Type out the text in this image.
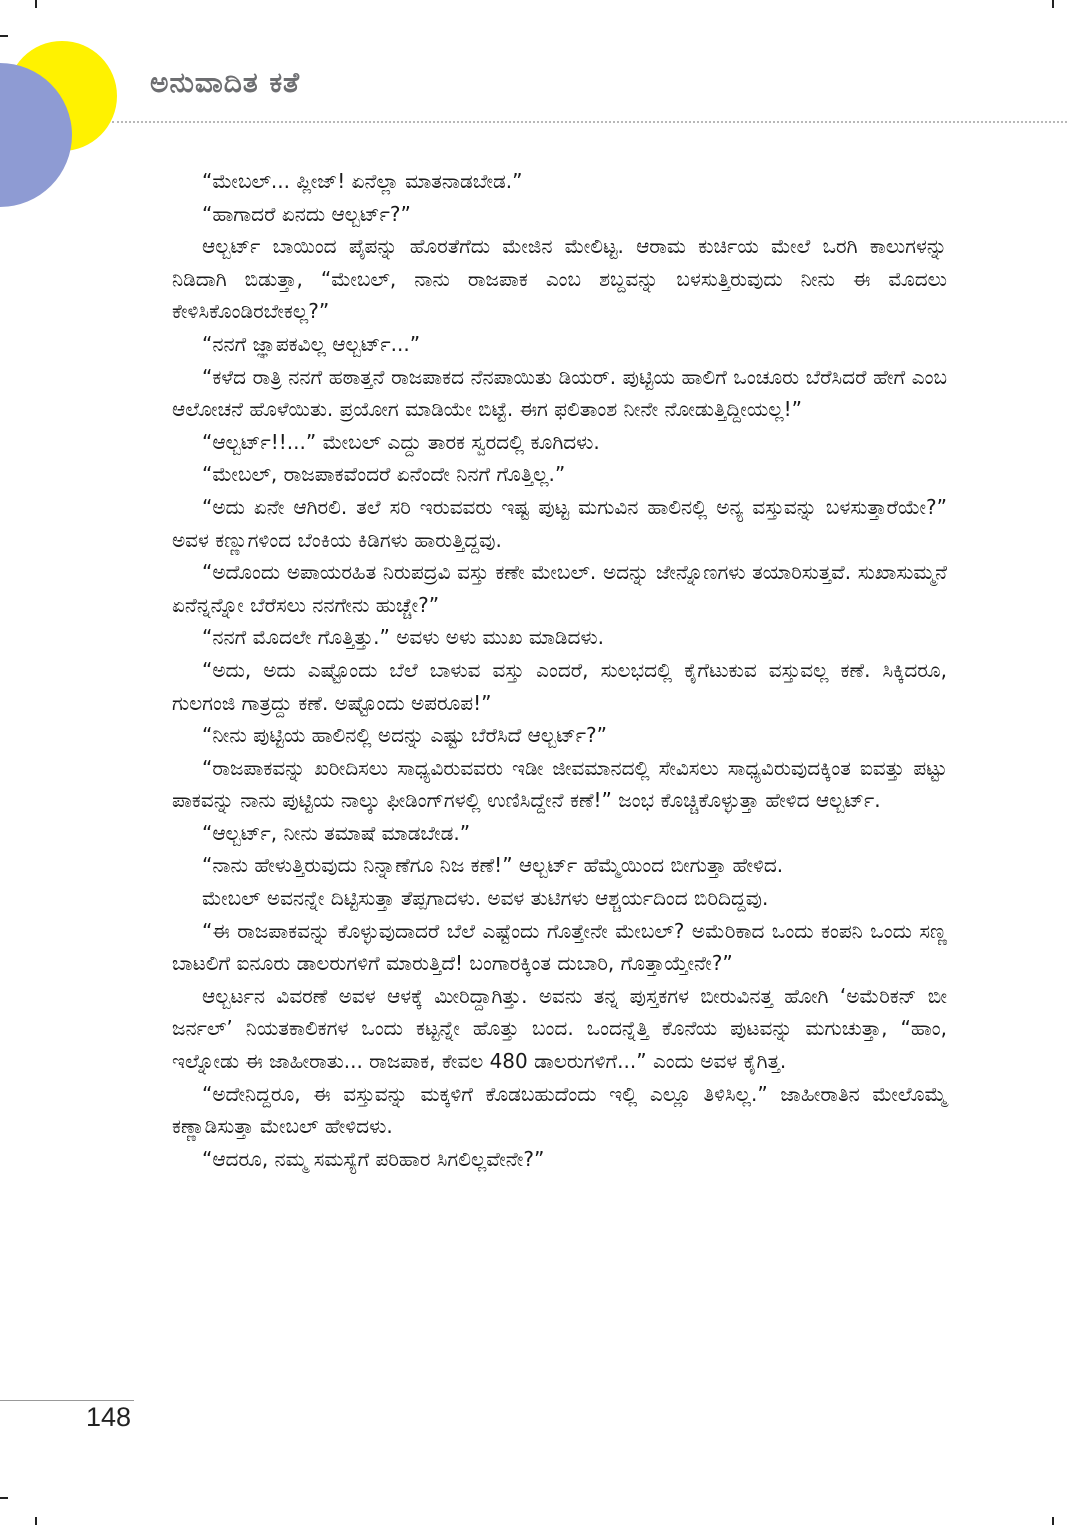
ಅನುವಾದಿತ ಕತೆ

“ಮೇಬಲ್... ಪ್ಲೀಜ್! ಏನೆಲ್ಲಾ ಮಾತನಾಡಬೇಡ.”

“ಹಾಗಾದರೆ ಏನದು ಆಲ್ಬರ್ಟ್?”

ಆಲ್ಬರ್ಟ್ ಬಾಯಿಂದ ಪೈಪನ್ನು ಹೊರತೆಗೆದು ಮೇಜಿನ ಮೇಲಿಟ್ಟ. ಆರಾಮ ಕುರ್ಚಿಯ ಮೇಲೆ ಒರಗಿ ಕಾಲುಗಳನ್ನು ನಿಡಿದಾಗಿ ಬಿಡುತ್ತಾ, “ಮೇಬಲ್, ನಾನು ರಾಜಪಾಕ ಎಂಬ ಶಬ್ದವನ್ನು ಬಳಸುತ್ತಿರುವುದು ನೀನು ಈ ಮೊದಲು ಕೇಳಿಸಿಕೊಂಡಿರಬೇಕಲ್ಲ?”

“ನನಗೆ ಜ್ಞಾಪಕವಿಲ್ಲ ಆಲ್ಬರ್ಟ್...”

“ಕಳೆದ ರಾತ್ರಿ ನನಗೆ ಹಠಾತ್ತನೆ ರಾಜಪಾಕದ ನೆನಪಾಯಿತು ಡಿಯರ್. ಪುಟ್ಟಿಯ ಹಾಲಿಗೆ ಒಂಚೂರು ಬೆರೆಸಿದರೆ ಹೇಗೆ ಎಂಬ ಆಲೋಚನೆ ಹೊಳೆಯಿತು. ಪ್ರಯೋಗ ಮಾಡಿಯೇ ಬಿಟ್ಟೆ. ಈಗ ಫಲಿತಾಂಶ ನೀನೇ ನೋಡುತ್ತಿದ್ದೀಯಲ್ಲ!”

“ಆಲ್ಬರ್ಟ್!!...” ಮೇಬಲ್ ಎದ್ದು ತಾರಕ ಸ್ವರದಲ್ಲಿ ಕೂಗಿದಳು.

“ಮೇಬಲ್, ರಾಜಪಾಕವೆಂದರೆ ಏನೆಂದೇ ನಿನಗೆ ಗೊತ್ತಿಲ್ಲ.”

“ಅದು ಏನೇ ಆಗಿರಲಿ. ತಲೆ ಸರಿ ಇರುವವರು ಇಷ್ಟ ಪುಟ್ಟ ಮಗುವಿನ ಹಾಲಿನಲ್ಲಿ ಅನ್ಯ ವಸ್ತುವನ್ನು ಬಳಸುತ್ತಾರೆಯೇ?” ಅವಳ ಕಣ್ಣುಗಳಿಂದ ಬೆಂಕಿಯ ಕಿಡಿಗಳು ಹಾರುತ್ತಿದ್ದವು.

“ಅದೊಂದು ಅಪಾಯರಹಿತ ನಿರುಪದ್ರವಿ ವಸ್ತು ಕಣೇ ಮೇಬಲ್. ಅದನ್ನು ಜೇನ್ನೊಣಗಳು ತಯಾರಿಸುತ್ತವೆ. ಸುಖಾಸುಮ್ಮನೆ ಏನೆನ್ನನ್ನೋ ಬೆರೆಸಲು ನನಗೇನು ಹುಚ್ಚೇ?”

“ನನಗೆ ಮೊದಲೇ ಗೊತ್ತಿತ್ತು.” ಅವಳು ಅಳು ಮುಖ ಮಾಡಿದಳು.

“ಅದು, ಅದು ಎಷ್ಟೊಂದು ಬೆಲೆ ಬಾಳುವ ವಸ್ತು ಎಂದರೆ, ಸುಲಭದಲ್ಲಿ ಕೈಗೆಟುಕುವ ವಸ್ತುವಲ್ಲ ಕಣೆ. ಸಿಕ್ಕಿದರೂ, ಗುಲಗಂಜಿ ಗಾತ್ರದ್ದು ಕಣೆ. ಅಷ್ಟೊಂದು ಅಪರೂಪ!”

“ನೀನು ಪುಟ್ಟಿಯ ಹಾಲಿನಲ್ಲಿ ಅದನ್ನು ಎಷ್ಟು ಬೆರೆಸಿದೆ ಆಲ್ಬರ್ಟ್?”

“ರಾಜಪಾಕವನ್ನು ಖರೀದಿಸಲು ಸಾಧ್ಯವಿರುವವರು ಇಡೀ ಜೀವಮಾನದಲ್ಲಿ ಸೇವಿಸಲು ಸಾಧ್ಯವಿರುವುದಕ್ಕಿಂತ ಐವತ್ತು ಪಟ್ಟು ಪಾಕವನ್ನು ನಾನು ಪುಟ್ಟಿಯ ನಾಲ್ಕು ಫೀಡಿಂಗ್‌ಗಳಲ್ಲಿ ಉಣಿಸಿದ್ದೇನೆ ಕಣೆ!” ಜಂಭ ಕೊಚ್ಚಿಕೊಳ್ಳುತ್ತಾ ಹೇಳಿದ ಆಲ್ಬರ್ಟ್.

“ಆಲ್ಬರ್ಟ್, ನೀನು ತಮಾಷೆ ಮಾಡಬೇಡ.”

“ನಾನು ಹೇಳುತ್ತಿರುವುದು ನಿನ್ನಾಣೆಗೂ ನಿಜ ಕಣೆ!” ಆಲ್ಬರ್ಟ್ ಹೆಮ್ಮೆಯಿಂದ ಬೀಗುತ್ತಾ ಹೇಳಿದ.

ಮೇಬಲ್ ಅವನನ್ನೇ ದಿಟ್ಟಿಸುತ್ತಾ ತೆಪ್ಪಗಾದಳು. ಅವಳ ತುಟಿಗಳು ಆಶ್ಚರ್ಯದಿಂದ ಬಿರಿದಿದ್ದವು.

“ಈ ರಾಜಪಾಕವನ್ನು ಕೊಳ್ಳುವುದಾದರೆ ಬೆಲೆ ಎಷ್ಟೆಂದು ಗೊತ್ತೇನೇ ಮೇಬಲ್? ಅಮೆರಿಕಾದ ಒಂದು ಕಂಪನಿ ಒಂದು ಸಣ್ಣ ಬಾಟಲಿಗೆ ಐನೂರು ಡಾಲರುಗಳಿಗೆ ಮಾರುತ್ತಿದೆ! ಬಂಗಾರಕ್ಕಿಂತ ದುಬಾರಿ, ಗೊತ್ತಾಯ್ತೇನೇ?”

ಆಲ್ಬರ್ಟನ ವಿವರಣೆ ಅವಳ ಆಳಕ್ಕೆ ಮೀರಿದ್ದಾಗಿತ್ತು. ಅವನು ತನ್ನ ಪುಸ್ತಕಗಳ ಬೀರುವಿನತ್ತ ಹೋಗಿ ‘ಅಮೆರಿಕನ್ ಬೀ ಜರ್ನಲ್’ ನಿಯತಕಾಲಿಕಗಳ ಒಂದು ಕಟ್ಟನ್ನೇ ಹೊತ್ತು ಬಂದ. ಒಂದನ್ನೆತ್ತಿ ಕೊನೆಯ ಪುಟವನ್ನು ಮಗುಚುತ್ತಾ, “ಹಾಂ, ಇಲ್ನೋಡು ಈ ಜಾಹೀರಾತು... ರಾಜಪಾಕ, ಕೇವಲ 480 ಡಾಲರುಗಳಿಗೆ...” ಎಂದು ಅವಳ ಕೈಗಿತ್ತ.

“ಅದೇನಿದ್ದರೂ, ಈ ವಸ್ತುವನ್ನು ಮಕ್ಕಳಿಗೆ ಕೊಡಬಹುದೆಂದು ಇಲ್ಲಿ ಎಲ್ಲೂ ತಿಳಿಸಿಲ್ಲ.” ಜಾಹೀರಾತಿನ ಮೇಲೊಮ್ಮೆ ಕಣ್ಣಾಡಿಸುತ್ತಾ ಮೇಬಲ್ ಹೇಳಿದಳು.

“ಆದರೂ, ನಮ್ಮ ಸಮಸ್ಯೆಗೆ ಪರಿಹಾರ ಸಿಗಲಿಲ್ಲವೇನೇ?”

148
